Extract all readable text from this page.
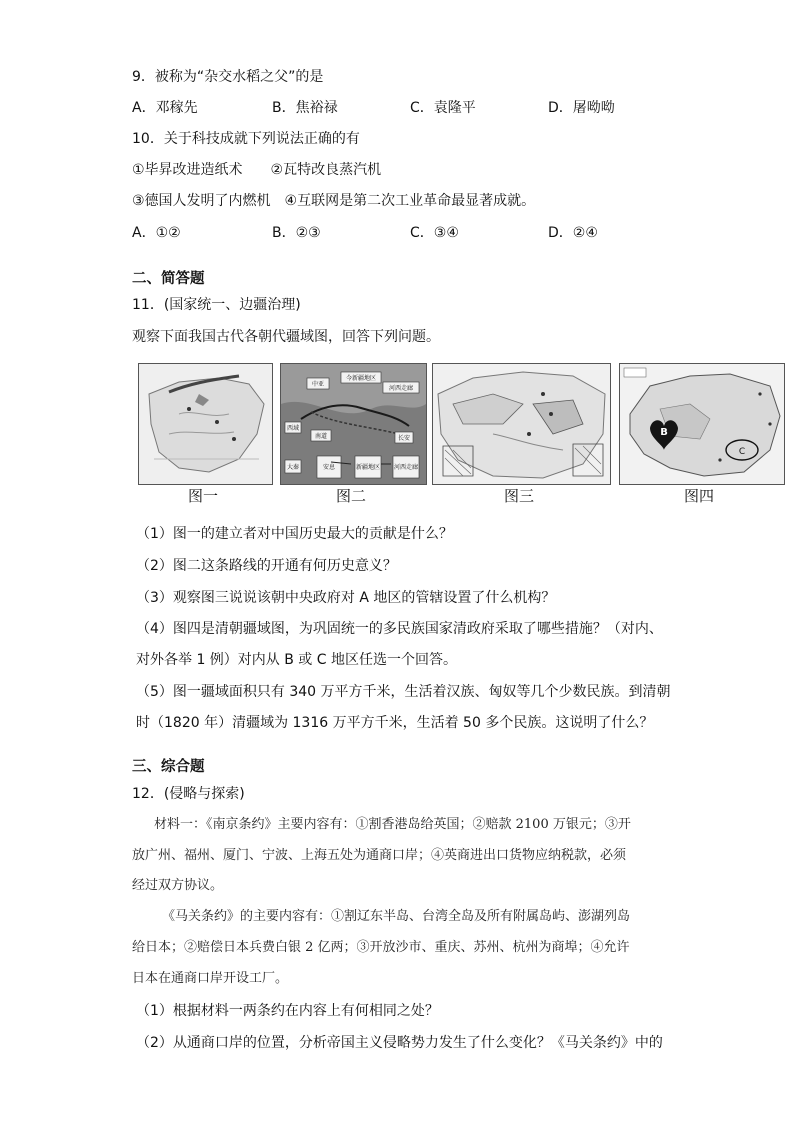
9．被称为“杂交水稻之父”的是
A．邓稼先	B．焦裕禄	C．袁隆平	D．屠呦呦
10．关于科技成就下列说法正确的有
①毕昇改进造纸术　　②瓦特改良蒸汽机
③德国人发明了内燃机　④互联网是第二次工业革命最显著成就。
A．①②	B．②③	C．③④	D．②④
二、简答题
11．(国家统一、边疆治理)
观察下面我国古代各朝代疆域图，回答下列问题。
中亚
今新疆地区
河西走廊
西域
南道	长安
大秦	安息	新疆地区 河西走廊
B
C
图一	图二	图三	图四
（1）图一的建立者对中国历史最大的贡献是什么？
（2）图二这条路线的开通有何历史意义？
（3）观察图三说说该朝中央政府对 A 地区的管辖设置了什么机构？
（4）图四是清朝疆域图，为巩固统一的多民族国家清政府采取了哪些措施？（对内、
对外各举 1 例）对内从 B 或 C 地区任选一个回答。
（5）图一疆域面积只有 340 万平方千米，生活着汉族、匈奴等几个少数民族。到清朝
时（1820 年）清疆域为 1316 万平方千米，生活着 50 多个民族。这说明了什么？
三、综合题
12．(侵略与探索)
材料一：《南京条约》主要内容有：①割香港岛给英国；②赔款 2100 万银元；③开
放广州、福州、厦门、宁波、上海五处为通商口岸；④英商进出口货物应纳税款，必须
经过双方协议。
《马关条约》的主要内容有：①割辽东半岛、台湾全岛及所有附属岛屿、澎湖列岛
给日本；②赔偿日本兵费白银 2 亿两；③开放沙市、重庆、苏州、杭州为商埠；④允许
日本在通商口岸开设工厂。
（1）根据材料一两条约在内容上有何相同之处？
（2）从通商口岸的位置，分析帝国主义侵略势力发生了什么变化？《马关条约》中的
